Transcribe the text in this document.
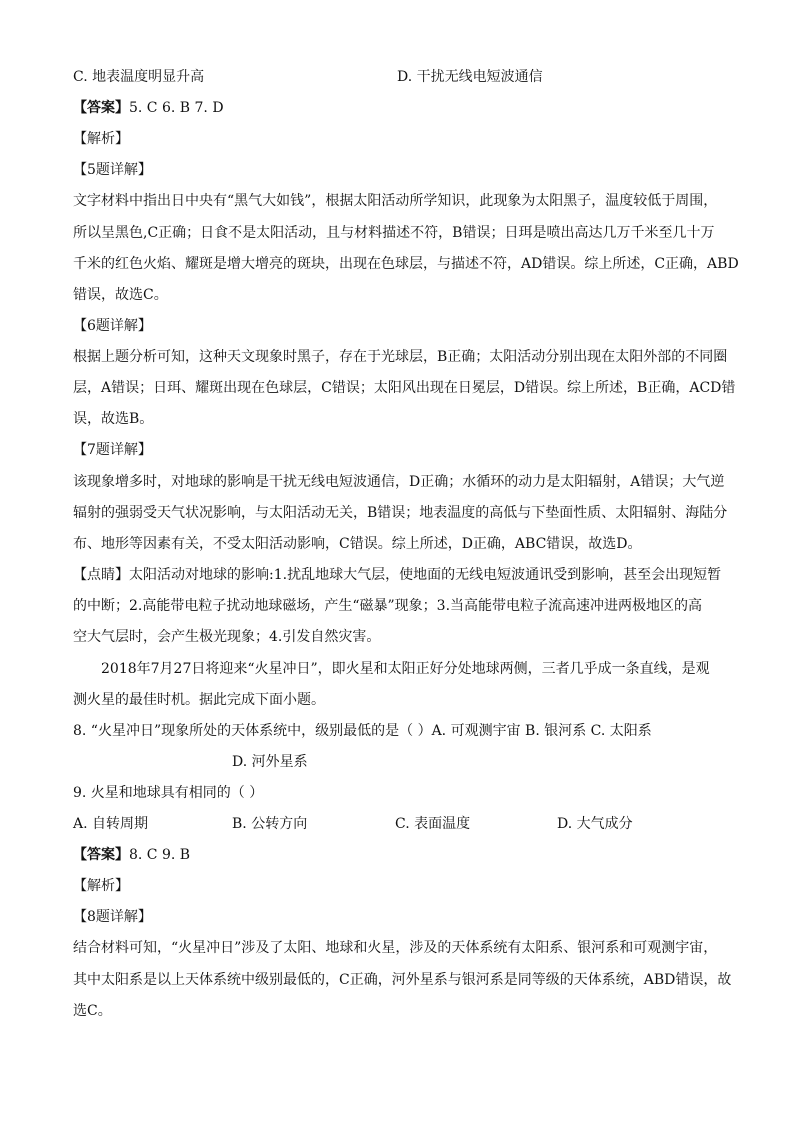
C. 地表温度明显升高	D. 干扰无线电短波通信
【答案】5. C 6. B 7. D
【解析】
【5题详解】
文字材料中指出日中央有“黑气大如钱”，根据太阳活动所学知识，此现象为太阳黑子，温度较低于周围，
所以呈黑色,C正确；日食不是太阳活动，且与材料描述不符，B错误；日珥是喷出高达几万千米至几十万
千米的红色火焰、耀斑是增大增亮的斑块，出现在色球层，与描述不符，AD错误。综上所述，C正确，ABD
错误，故选C。
【6题详解】
根据上题分析可知，这种天文现象时黑子，存在于光球层，B正确；太阳活动分别出现在太阳外部的不同圈
层，A错误；日珥、耀斑出现在色球层，C错误；太阳风出现在日冕层，D错误。综上所述，B正确，ACD错
误，故选B。
【7题详解】
该现象增多时，对地球的影响是干扰无线电短波通信，D正确；水循环的动力是太阳辐射，A错误；大气逆
辐射的强弱受天气状况影响，与太阳活动无关，B错误；地表温度的高低与下垫面性质、太阳辐射、海陆分
布、地形等因素有关，不受太阳活动影响，C错误。综上所述，D正确，ABC错误，故选D。
【点睛】太阳活动对地球的影响:1.扰乱地球大气层，使地面的无线电短波通讯受到影响，甚至会出现短暂
的中断；2.高能带电粒子扰动地球磁场，产生“磁暴”现象；3.当高能带电粒子流高速冲进两极地区的高
空大气层时，会产生极光现象；4.引发自然灾害。
2018年7月27日将迎来“火星冲日”，即火星和太阳正好分处地球两侧，三者几乎成一条直线，是观
测火星的最佳时机。据此完成下面小题。
8. “火星冲日”现象所处的天体系统中，级别最低的是（ ）A. 可观测宇宙 B. 银河系 C. 太阳系
D. 河外星系
9. 火星和地球具有相同的（ ）
A. 自转周期	B. 公转方向	C. 表面温度	D. 大气成分
【答案】8. C 9. B
【解析】
【8题详解】
结合材料可知，“火星冲日”涉及了太阳、地球和火星，涉及的天体系统有太阳系、银河系和可观测宇宙，
其中太阳系是以上天体系统中级别最低的，C正确，河外星系与银河系是同等级的天体系统，ABD错误，故
选C。
